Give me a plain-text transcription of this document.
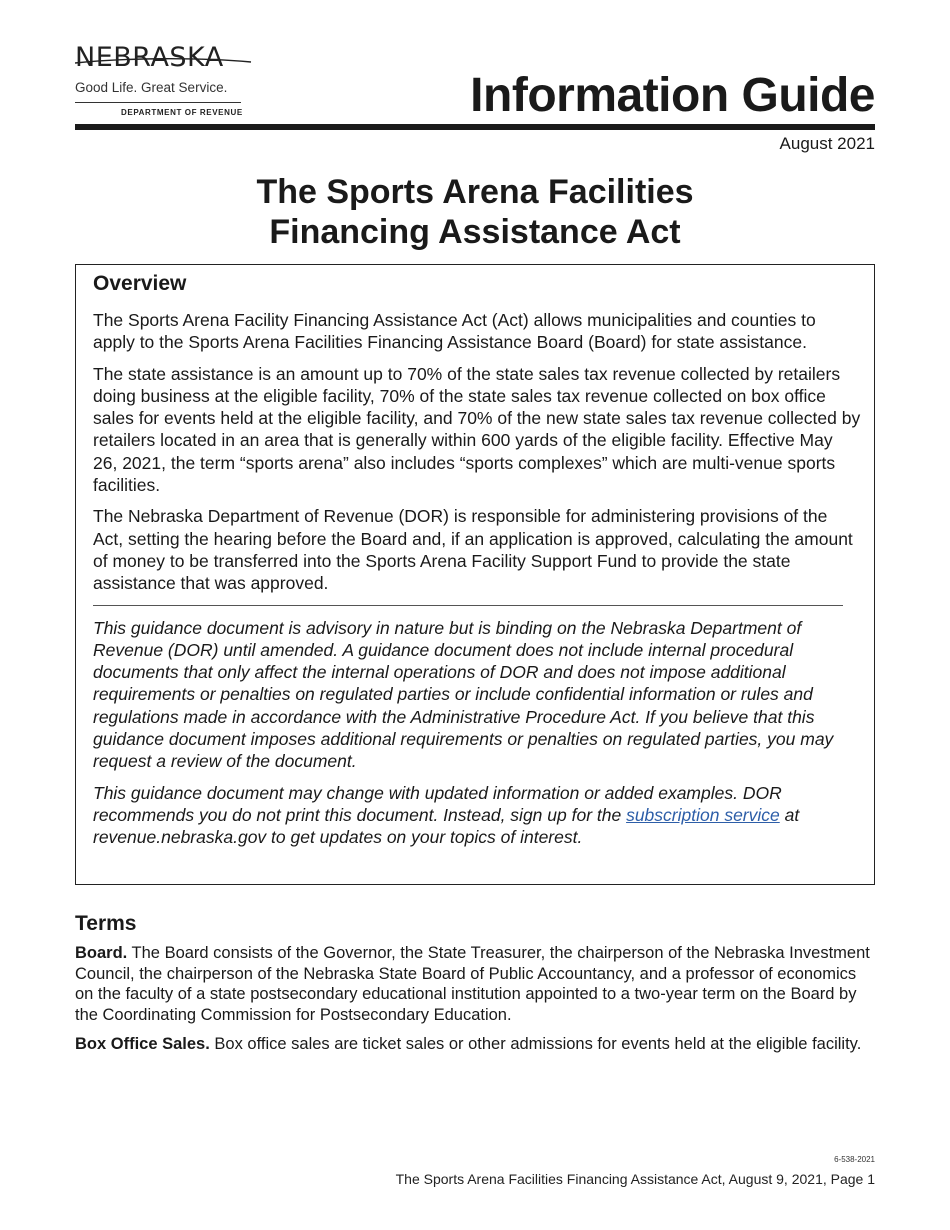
NEBRASKA
Good Life. Great Service.
DEPARTMENT OF REVENUE	Information Guide
August 2021
The Sports Arena Facilities
Financing Assistance Act
Overview

The Sports Arena Facility Financing Assistance Act (Act) allows municipalities and counties to apply to the Sports Arena Facilities Financing Assistance Board (Board) for state assistance.

The state assistance is an amount up to 70% of the state sales tax revenue collected by retailers doing business at the eligible facility, 70% of the state sales tax revenue collected on box office sales for events held at the eligible facility, and 70% of the new state sales tax revenue collected by retailers located in an area that is generally within 600 yards of the eligible facility. Effective May 26, 2021, the term “sports arena” also includes “sports complexes” which are multi-venue sports facilities.

The Nebraska Department of Revenue (DOR) is responsible for administering provisions of the Act, setting the hearing before the Board and, if an application is approved, calculating the amount of money to be transferred into the Sports Arena Facility Support Fund to provide the state assistance that was approved.

This guidance document is advisory in nature but is binding on the Nebraska Department of Revenue (DOR) until amended. A guidance document does not include internal procedural documents that only affect the internal operations of DOR and does not impose additional requirements or penalties on regulated parties or include confidential information or rules and regulations made in accordance with the Administrative Procedure Act. If you believe that this guidance document imposes additional requirements or penalties on regulated parties, you may request a review of the document.

This guidance document may change with updated information or added examples. DOR recommends you do not print this document. Instead, sign up for the subscription service at revenue.nebraska.gov to get updates on your topics of interest.

Terms

Board. The Board consists of the Governor, the State Treasurer, the chairperson of the Nebraska Investment Council, the chairperson of the Nebraska State Board of Public Accountancy, and a professor of economics on the faculty of a state postsecondary educational institution appointed to a two-year term on the Board by the Coordinating Commission for Postsecondary Education.

Box Office Sales. Box office sales are ticket sales or other admissions for events held at the eligible facility.

6-538-2021
The Sports Arena Facilities Financing Assistance Act, August 9, 2021, Page 1
